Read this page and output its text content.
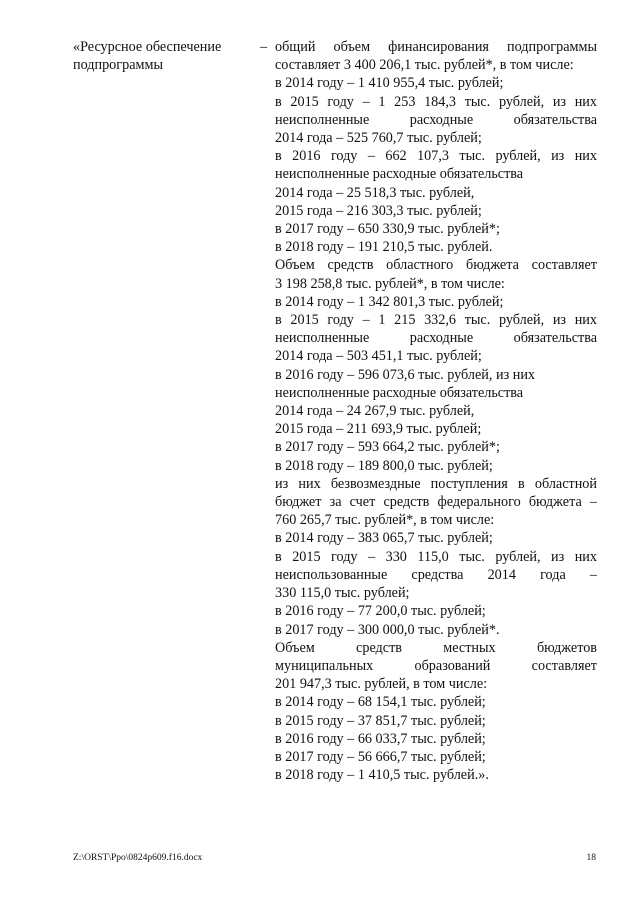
«Ресурсное обеспечение
подпрограммы
– общий объем финансирования подпрограммы
составляет 3 400 206,1 тыс. рублей*, в том числе:
в 2014 году – 1 410 955,4 тыс. рублей;
в 2015 году – 1 253 184,3 тыс. рублей, из них
неисполненные расходные обязательства
2014 года – 525 760,7 тыс. рублей;
в 2016 году – 662 107,3 тыс. рублей, из них
неисполненные расходные обязательства
2014 года – 25 518,3 тыс. рублей,
2015 года – 216 303,3 тыс. рублей;
в 2017 году – 650 330,9 тыс. рублей*;
в 2018 году – 191 210,5 тыс. рублей.
Объем средств областного бюджета составляет
3 198 258,8 тыс. рублей*, в том числе:
в 2014 году – 1 342 801,3 тыс. рублей;
в 2015 году – 1 215 332,6 тыс. рублей, из них
неисполненные расходные обязательства
2014 года – 503 451,1 тыс. рублей;
в 2016 году – 596 073,6 тыс. рублей, из них
неисполненные расходные обязательства
2014 года – 24 267,9 тыс. рублей,
2015 года – 211 693,9 тыс. рублей;
в 2017 году – 593 664,2 тыс. рублей*;
в 2018 году – 189 800,0 тыс. рублей;
из них безвозмездные поступления в областной
бюджет за счет средств федерального бюджета –
760 265,7 тыс. рублей*, в том числе:
в 2014 году – 383 065,7 тыс. рублей;
в 2015 году – 330 115,0 тыс. рублей, из них
неиспользованные средства 2014 года –
330 115,0 тыс. рублей;
в 2016 году – 77 200,0 тыс. рублей;
в 2017 году – 300 000,0 тыс. рублей*.
Объем средств местных бюджетов
муниципальных образований составляет
201 947,3 тыс. рублей, в том числе:
в 2014 году – 68 154,1 тыс. рублей;
в 2015 году – 37 851,7 тыс. рублей;
в 2016 году – 66 033,7 тыс. рублей;
в 2017 году – 56 666,7 тыс. рублей;
в 2018 году – 1 410,5 тыс. рублей.».
Z:\ORST\Ppo\0824p609.f16.docx	18
